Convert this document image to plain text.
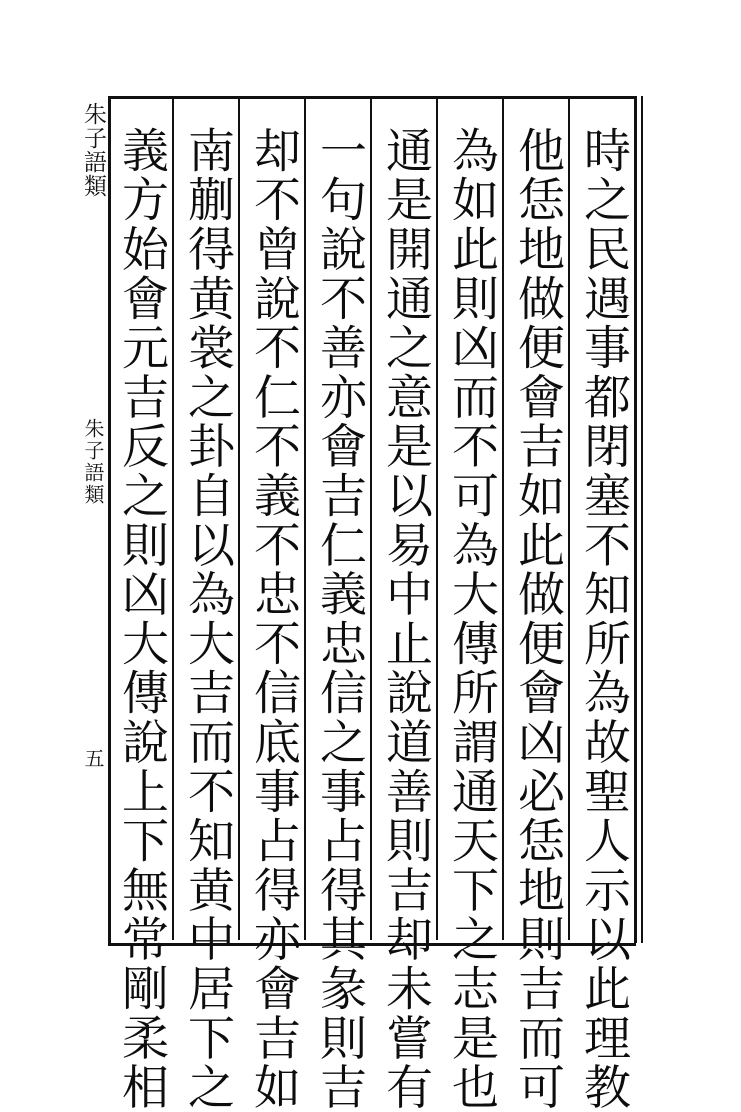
朱子語類
朱子語類
五	時之民遇事都閉塞不知所為故聖人示以此理教
他恁地做便會吉如此做便會凶必恁地則吉而可
為如此則凶而不可為大傳所謂通天下之志是也
通是開通之意是以易中止說道善則吉却未嘗有
一句說不善亦會吉仁義忠信之事占得其彖則吉
却不曾說不仁不義不忠不信底事占得亦會吉如
南蒯得黄裳之卦自以為大吉而不知黄中居下之
義方始會元吉反之則凶大傳說上下無常剛柔相
